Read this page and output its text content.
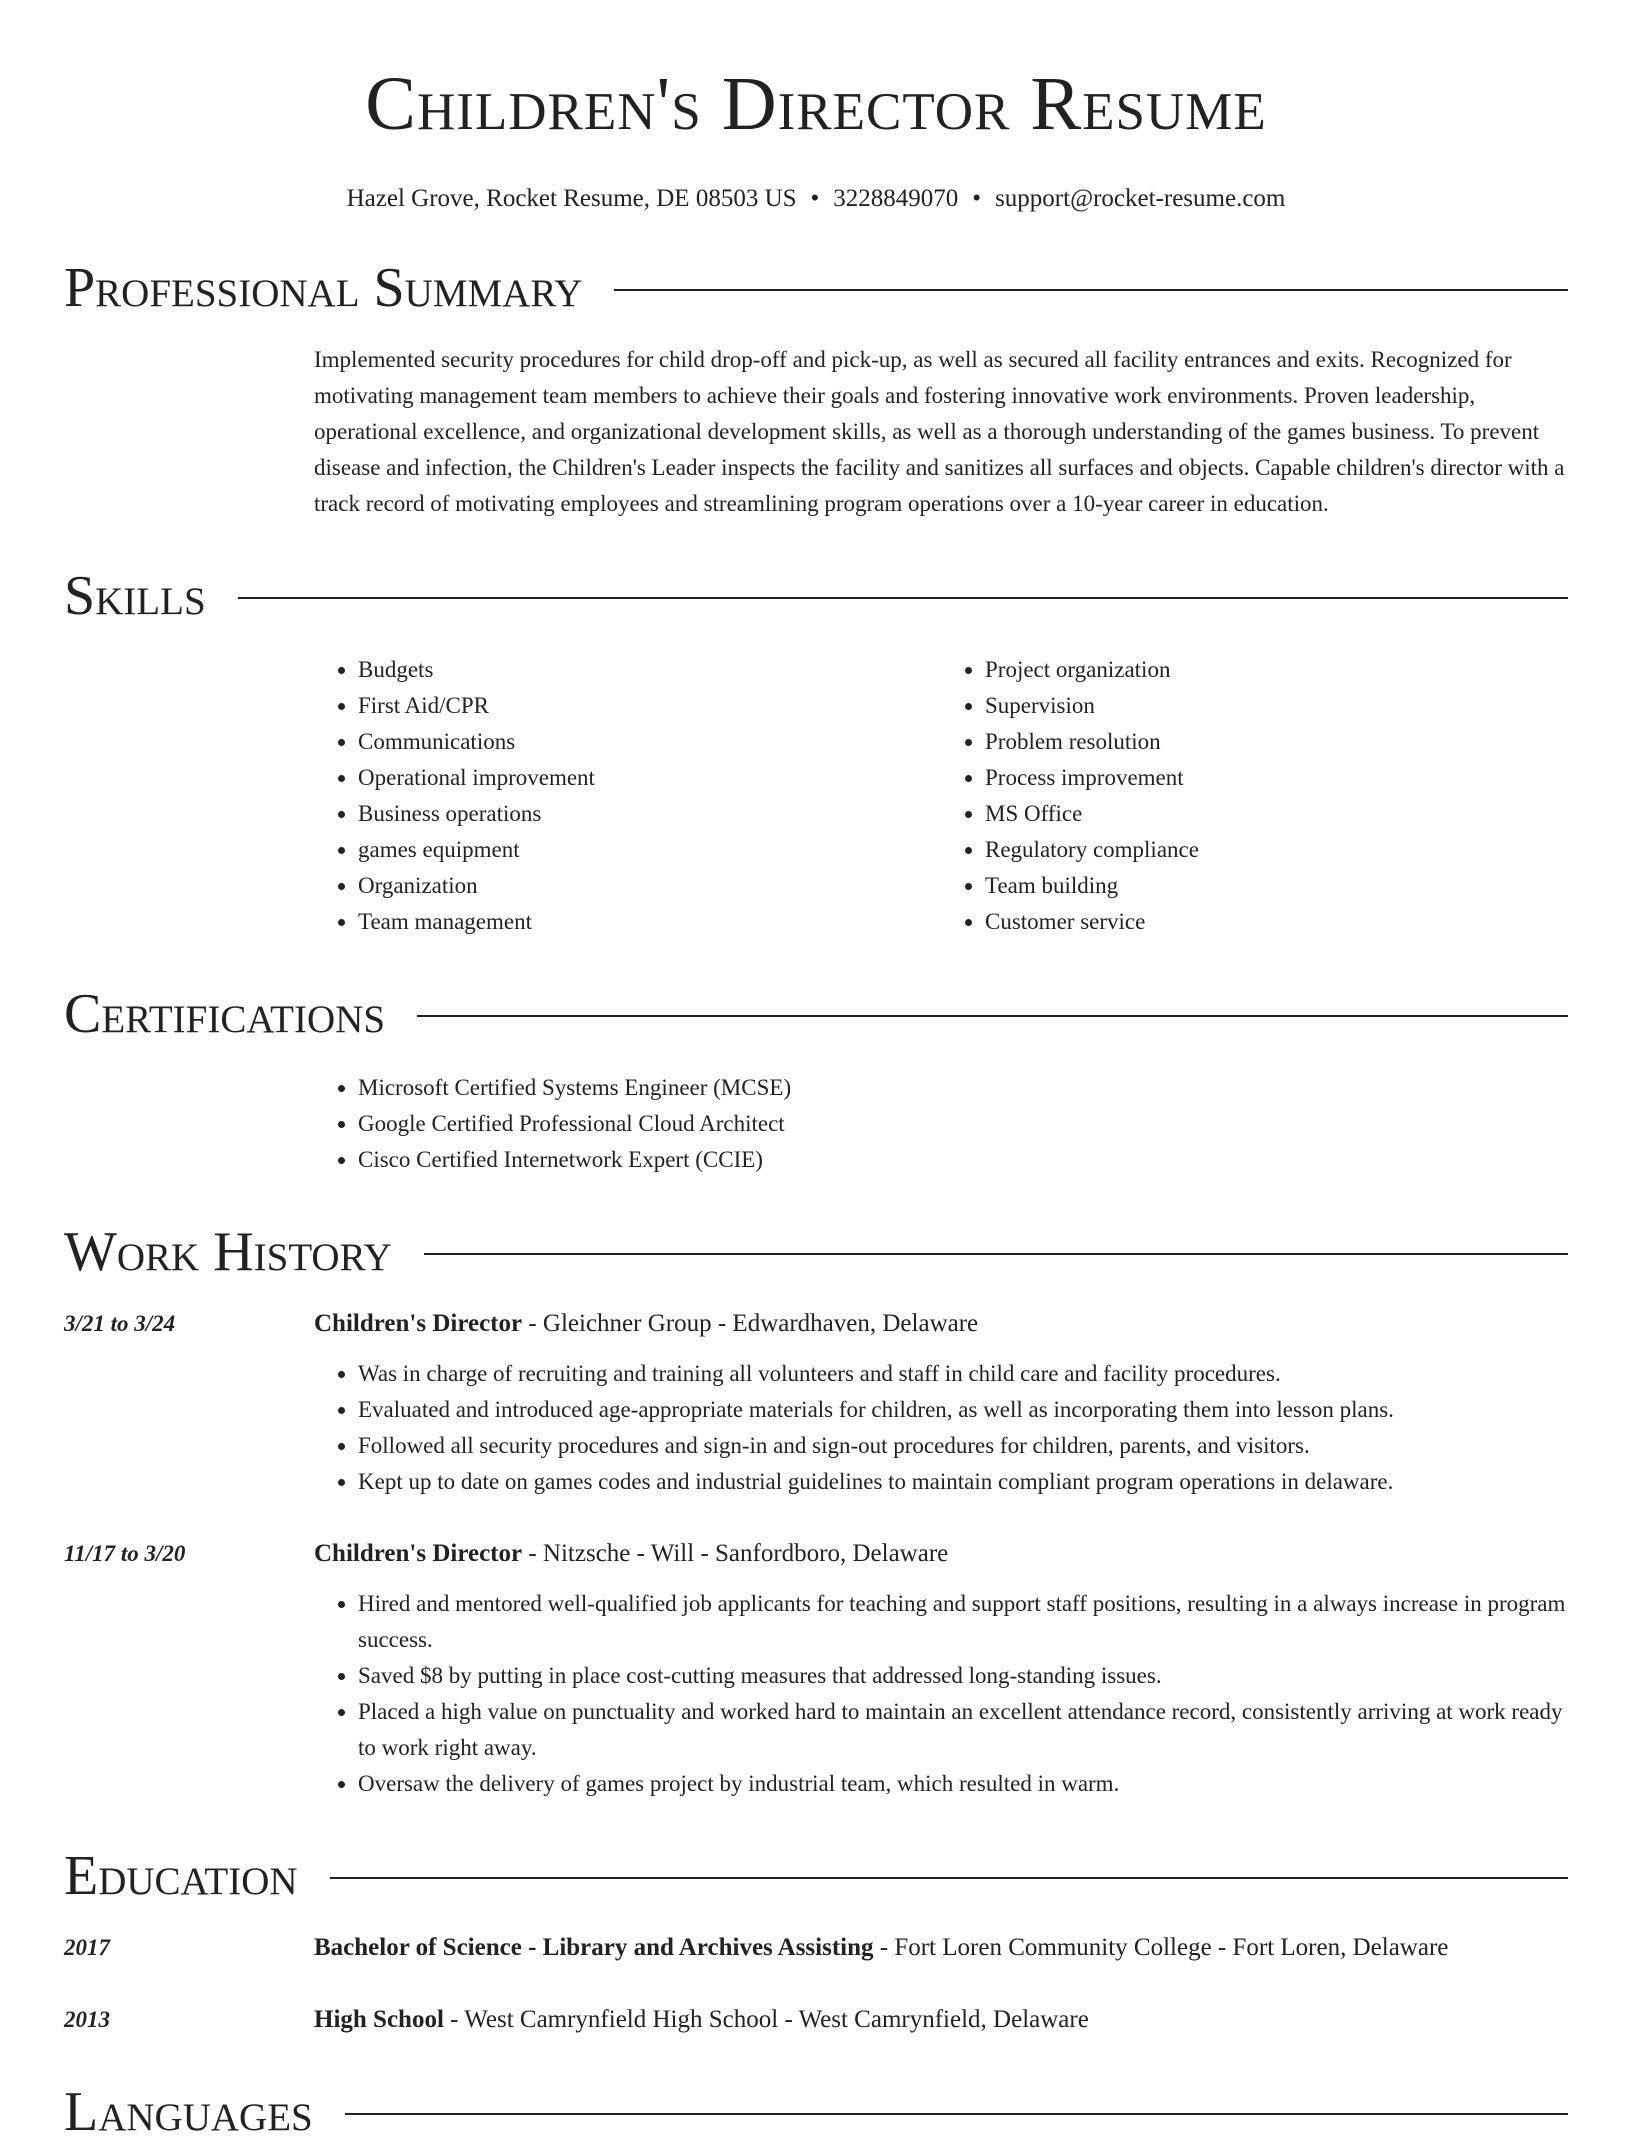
Children's Director Resume
Hazel Grove, Rocket Resume, DE 08503 US • 3228849070 • support@rocket-resume.com
Professional Summary

Implemented security procedures for child drop-off and pick-up, as well as secured all facility entrances and exits. Recognized for motivating management team members to achieve their goals and fostering innovative work environments. Proven leadership, operational excellence, and organizational development skills, as well as a thorough understanding of the games business. To prevent disease and infection, the Children's Leader inspects the facility and sanitizes all surfaces and objects. Capable children's director with a track record of motivating employees and streamlining program operations over a 10-year career in education.

Skills
• Budgets
• First Aid/CPR
• Communications
• Operational improvement
• Business operations
• games equipment
• Organization
• Team management
• Project organization
• Supervision
• Problem resolution
• Process improvement
• MS Office
• Regulatory compliance
• Team building
• Customer service
Certifications
• Microsoft Certified Systems Engineer (MCSE)
• Google Certified Professional Cloud Architect
• Cisco Certified Internetwork Expert (CCIE)
Work History
3/21 to 3/24	Children's Director - Gleichner Group - Edwardhaven, Delaware
• Was in charge of recruiting and training all volunteers and staff in child care and facility procedures.
• Evaluated and introduced age-appropriate materials for children, as well as incorporating them into lesson plans.
• Followed all security procedures and sign-in and sign-out procedures for children, parents, and visitors.
• Kept up to date on games codes and industrial guidelines to maintain compliant program operations in delaware.
11/17 to 3/20	Children's Director - Nitzsche - Will - Sanfordboro, Delaware
• Hired and mentored well-qualified job applicants for teaching and support staff positions, resulting in a always increase in program success.
• Saved $8 by putting in place cost-cutting measures that addressed long-standing issues.
• Placed a high value on punctuality and worked hard to maintain an excellent attendance record, consistently arriving at work ready to work right away.
• Oversaw the delivery of games project by industrial team, which resulted in warm.
Education
2017	Bachelor of Science - Library and Archives Assisting - Fort Loren Community College - Fort Loren, Delaware
2013	High School - West Camrynfield High School - West Camrynfield, Delaware
Languages
